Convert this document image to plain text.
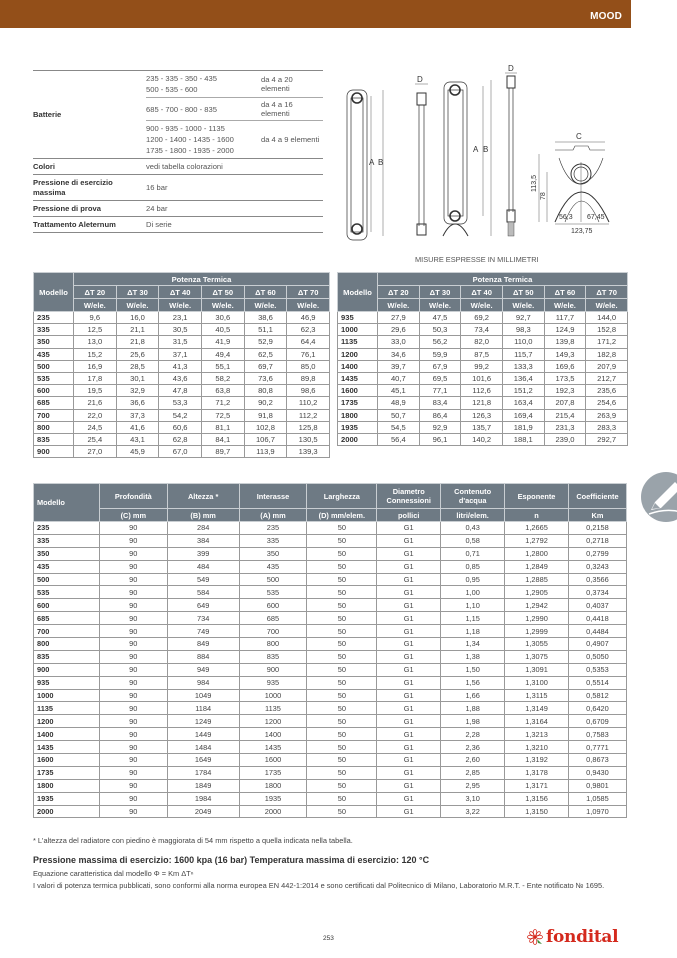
MOOD
Batterie	235 - 335 - 350 - 435
500 - 535 - 600	da 4 a 20 elementi
	685 - 700 - 800 - 835	da 4 a 16 elementi
	900 - 935 - 1000 - 1135
1200 - 1400 - 1435 - 1600
1735 - 1800 - 1935 - 2000	da 4 a 9 elementi
Colori	vedi tabella colorazioni	
Pressione di esercizio massima	16 bar	
Pressione di prova	24 bar	
Trattamento Aleternum	Di serie	
A B
D
A B
D
C
113,5
78
56,3 67,45
123,75
MISURE ESPRESSE IN MILLIMETRI
Modello	Potenza Termica					
	ΔT 20	ΔT 30	ΔT 40	ΔT 50	ΔT 60	ΔT 70
	W/ele.	W/ele.	W/ele.	W/ele.	W/ele.	W/ele.
235	9,6	16,0	23,1	30,6	38,6	46,9
335	12,5	21,1	30,5	40,5	51,1	62,3
350	13,0	21,8	31,5	41,9	52,9	64,4
435	15,2	25,6	37,1	49,4	62,5	76,1
500	16,9	28,5	41,3	55,1	69,7	85,0
535	17,8	30,1	43,6	58,2	73,6	89,8
600	19,5	32,9	47,8	63,8	80,8	98,6
685	21,6	36,6	53,3	71,2	90,2	110,2
700	22,0	37,3	54,2	72,5	91,8	112,2
800	24,5	41,6	60,6	81,1	102,8	125,8
835	25,4	43,1	62,8	84,1	106,7	130,5
900	27,0	45,9	67,0	89,7	113,9	139,3
Modello	Potenza Termica					
	ΔT 20	ΔT 30	ΔT 40	ΔT 50	ΔT 60	ΔT 70
	W/ele.	W/ele.	W/ele.	W/ele.	W/ele.	W/ele.
935	27,9	47,5	69,2	92,7	117,7	144,0
1000	29,6	50,3	73,4	98,3	124,9	152,8
1135	33,0	56,2	82,0	110,0	139,8	171,2
1200	34,6	59,9	87,5	115,7	149,3	182,8
1400	39,7	67,9	99,2	133,3	169,6	207,9
1435	40,7	69,5	101,6	136,4	173,5	212,7
1600	45,1	77,1	112,6	151,2	192,3	235,6
1735	48,9	83,4	121,8	163,4	207,8	254,6
1800	50,7	86,4	126,3	169,4	215,4	263,9
1935	54,5	92,9	135,7	181,9	231,3	283,3
2000	56,4	96,1	140,2	188,1	239,0	292,7
Modello	Profondità	Altezza *	Interasse	Larghezza	Diametro Connessioni	Contenuto d'acqua	Esponente	Coefficiente
	(C) mm	(B) mm	(A) mm	(D) mm/elem.	pollici	litri/elem.	n	Km
235	90	284	235	50	G1	0,43	1,2665	0,2158
335	90	384	335	50	G1	0,58	1,2792	0,2718
350	90	399	350	50	G1	0,71	1,2800	0,2799
435	90	484	435	50	G1	0,85	1,2849	0,3243
500	90	549	500	50	G1	0,95	1,2885	0,3566
535	90	584	535	50	G1	1,00	1,2905	0,3734
600	90	649	600	50	G1	1,10	1,2942	0,4037
685	90	734	685	50	G1	1,15	1,2990	0,4418
700	90	749	700	50	G1	1,18	1,2999	0,4484
800	90	849	800	50	G1	1,34	1,3055	0,4907
835	90	884	835	50	G1	1,38	1,3075	0,5050
900	90	949	900	50	G1	1,50	1,3091	0,5353
935	90	984	935	50	G1	1,56	1,3100	0,5514
1000	90	1049	1000	50	G1	1,66	1,3115	0,5812
1135	90	1184	1135	50	G1	1,88	1,3149	0,6420
1200	90	1249	1200	50	G1	1,98	1,3164	0,6709
1400	90	1449	1400	50	G1	2,28	1,3213	0,7583
1435	90	1484	1435	50	G1	2,36	1,3210	0,7771
1600	90	1649	1600	50	G1	2,60	1,3192	0,8673
1735	90	1784	1735	50	G1	2,85	1,3178	0,9430
1800	90	1849	1800	50	G1	2,95	1,3171	0,9801
1935	90	1984	1935	50	G1	3,10	1,3156	1,0585
2000	90	2049	2000	50	G1	3,22	1,3150	1,0970
* L'altezza del radiatore con piedino è maggiorata di 54 mm rispetto a quella indicata nella tabella.
Pressione massima di esercizio: 1600 kpa (16 bar) Temperatura massima di esercizio: 120 °C
Equazione caratteristica dal modello Φ = Km ΔTⁿ
I valori di potenza termica pubblicati, sono conformi alla norma europea EN 442-1:2014 e sono certificati dal Politecnico di Milano, Laboratorio M.R.T. - Ente notificato № 1695.
253	fondital
